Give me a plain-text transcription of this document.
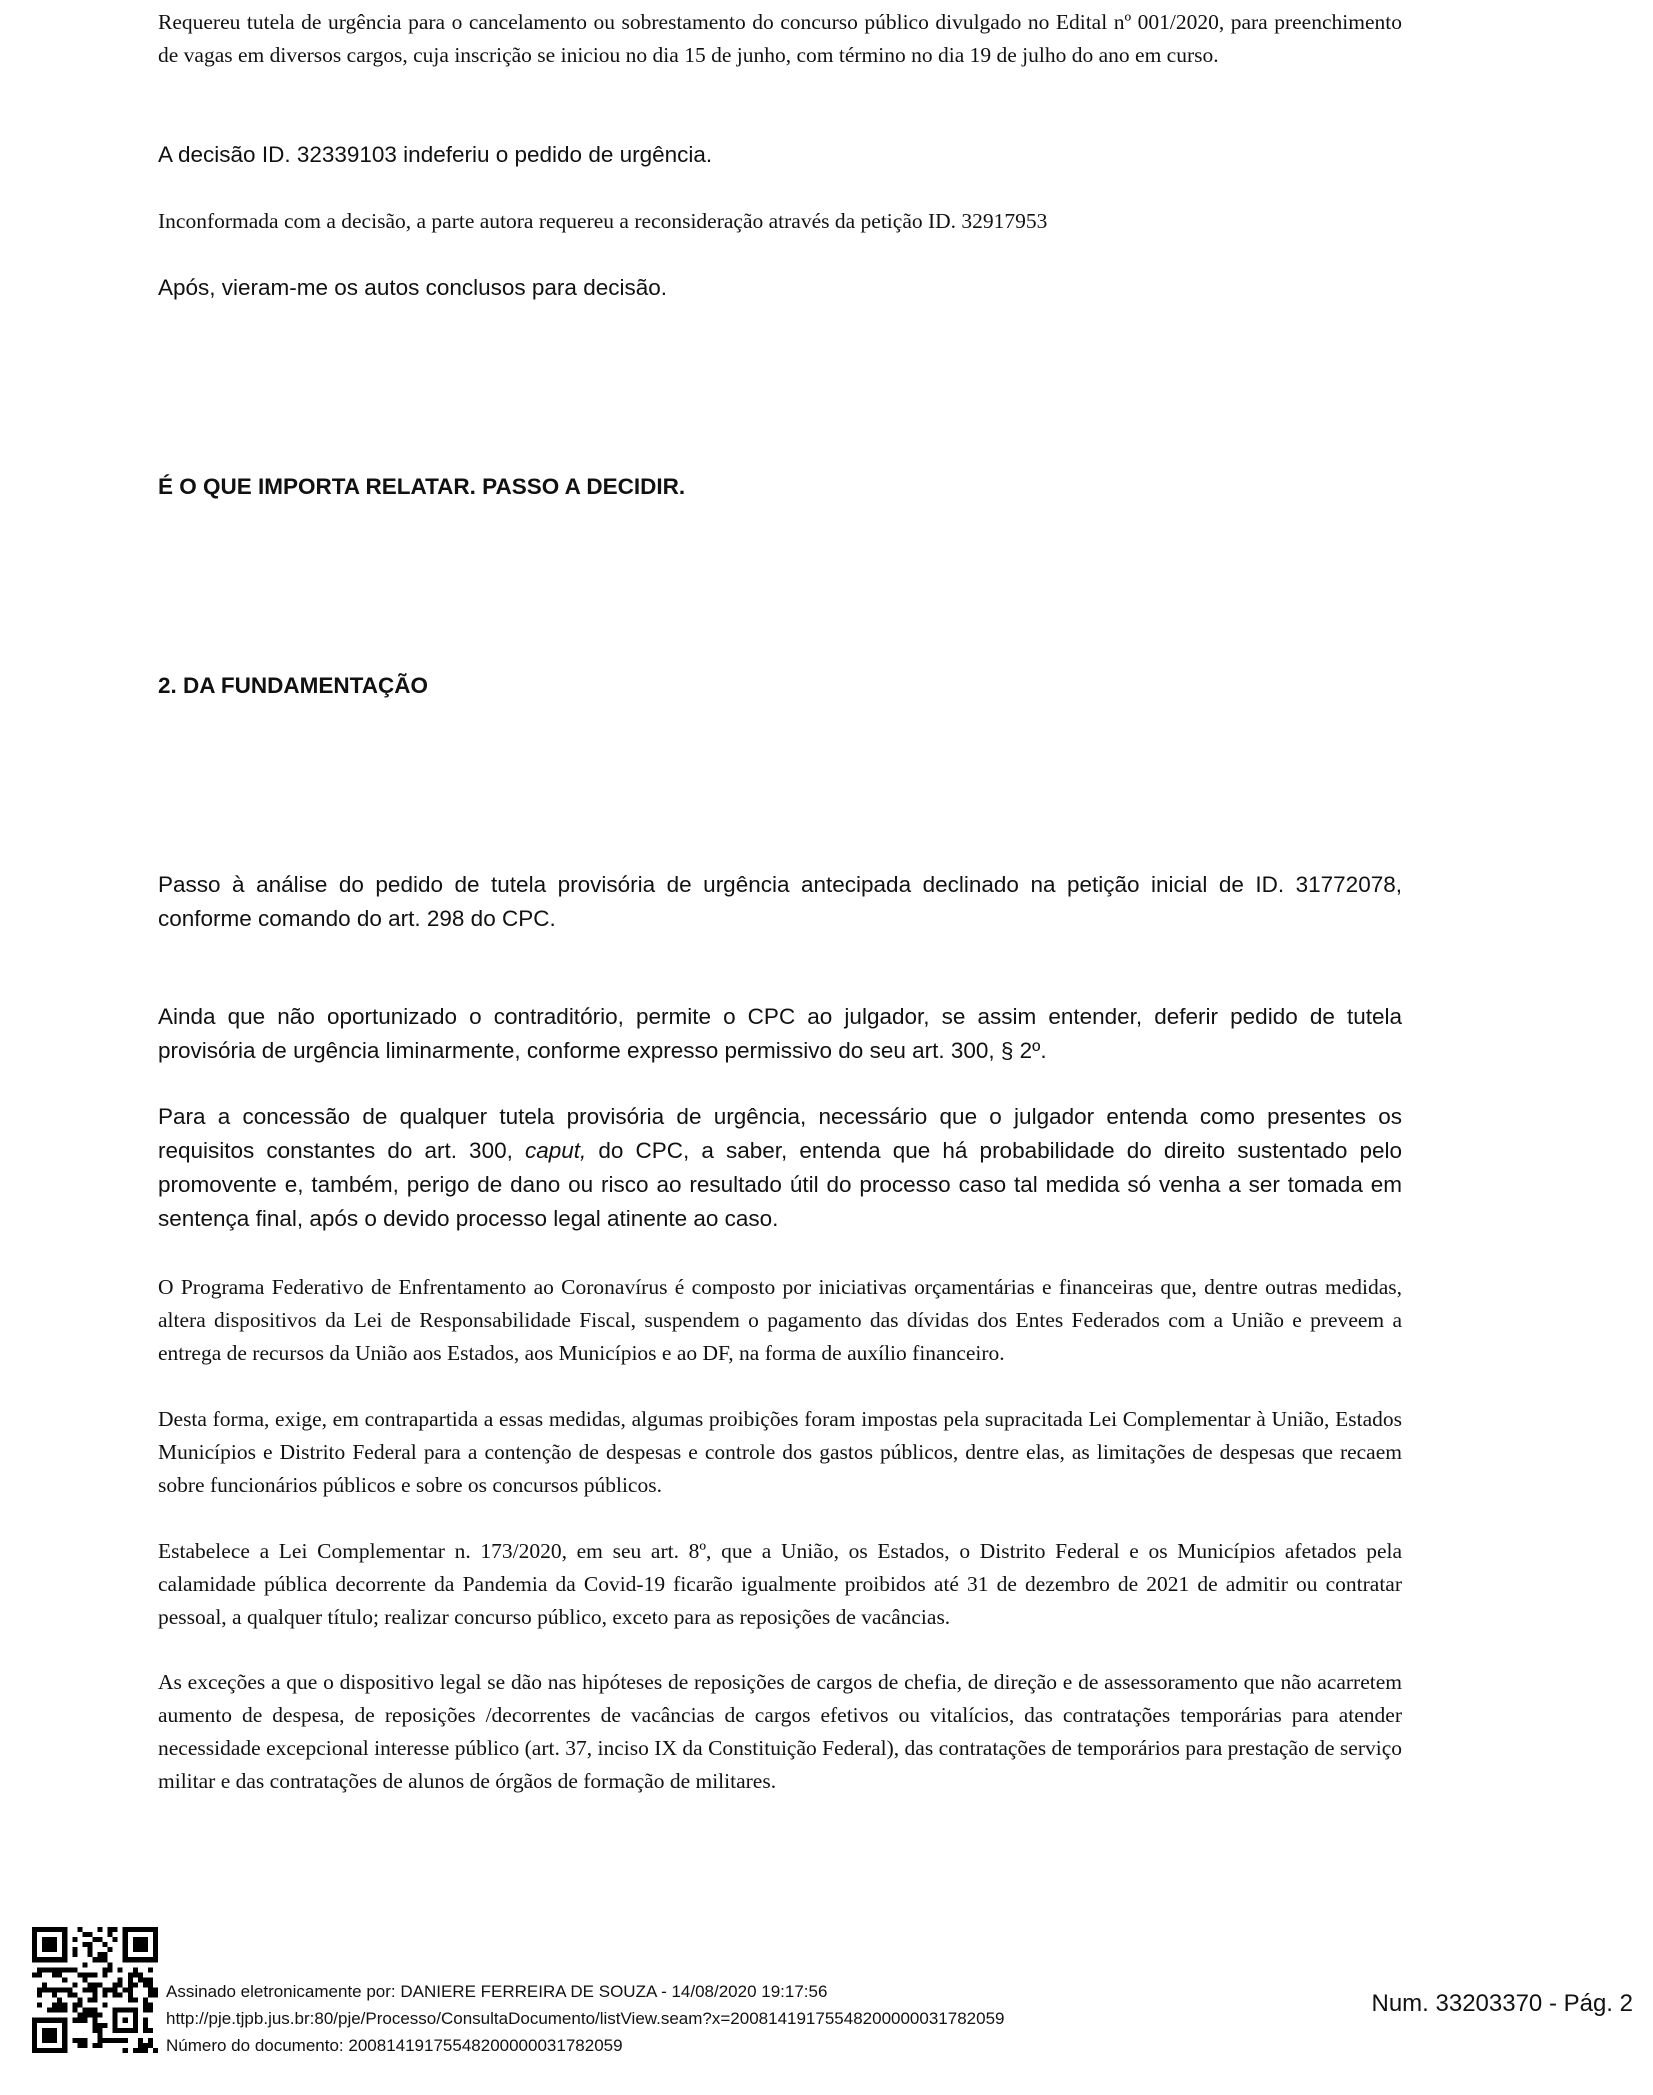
Requereu tutela de urgência para o cancelamento ou sobrestamento do concurso público divulgado no Edital nº 001/2020, para preenchimento de vagas em diversos cargos, cuja inscrição se iniciou no dia 15 de junho, com término no dia 19 de julho do ano em curso.

A decisão ID. 32339103 indeferiu o pedido de urgência.

Inconformada com a decisão, a parte autora requereu a reconsideração através da petição ID. 32917953

Após, vieram-me os autos conclusos para decisão.

É O QUE IMPORTA RELATAR. PASSO A DECIDIR.

2. DA FUNDAMENTAÇÃO

Passo à análise do pedido de tutela provisória de urgência antecipada declinado na petição inicial de ID. 31772078, conforme comando do art. 298 do CPC.

Ainda que não oportunizado o contraditório, permite o CPC ao julgador, se assim entender, deferir pedido de tutela provisória de urgência liminarmente, conforme expresso permissivo do seu art. 300, § 2º.

Para a concessão de qualquer tutela provisória de urgência, necessário que o julgador entenda como presentes os requisitos constantes do art. 300, caput, do CPC, a saber, entenda que há probabilidade do direito sustentado pelo promovente e, também, perigo de dano ou risco ao resultado útil do processo caso tal medida só venha a ser tomada em sentença final, após o devido processo legal atinente ao caso.

O Programa Federativo de Enfrentamento ao Coronavírus é composto por iniciativas orçamentárias e financeiras que, dentre outras medidas, altera dispositivos da Lei de Responsabilidade Fiscal, suspendem o pagamento das dívidas dos Entes Federados com a União e preveem a entrega de recursos da União aos Estados, aos Municípios e ao DF, na forma de auxílio financeiro.

Desta forma, exige, em contrapartida a essas medidas, algumas proibições foram impostas pela supracitada Lei Complementar à União, Estados Municípios e Distrito Federal para a contenção de despesas e controle dos gastos públicos, dentre elas, as limitações de despesas que recaem sobre funcionários públicos e sobre os concursos públicos.

Estabelece a Lei Complementar n. 173/2020, em seu art. 8º, que a União, os Estados, o Distrito Federal e os Municípios afetados pela calamidade pública decorrente da Pandemia da Covid-19 ficarão igualmente proibidos até 31 de dezembro de 2021 de admitir ou contratar pessoal, a qualquer título; realizar concurso público, exceto para as reposições de vacâncias.

As exceções a que o dispositivo legal se dão nas hipóteses de reposições de cargos de chefia, de direção e de assessoramento que não acarretem aumento de despesa, de reposições /decorrentes de vacâncias de cargos efetivos ou vitalícios, das contratações temporárias para atender necessidade excepcional interesse público (art. 37, inciso IX da Constituição Federal), das contratações de temporários para prestação de serviço militar e das contratações de alunos de órgãos de formação de militares.

Assinado eletronicamente por: DANIERE FERREIRA DE SOUZA - 14/08/2020 19:17:56
http://pje.tjpb.jus.br:80/pje/Processo/ConsultaDocumento/listView.seam?x=20081419175548200000031782059
Número do documento: 20081419175548200000031782059
Num. 33203370 - Pág. 2
